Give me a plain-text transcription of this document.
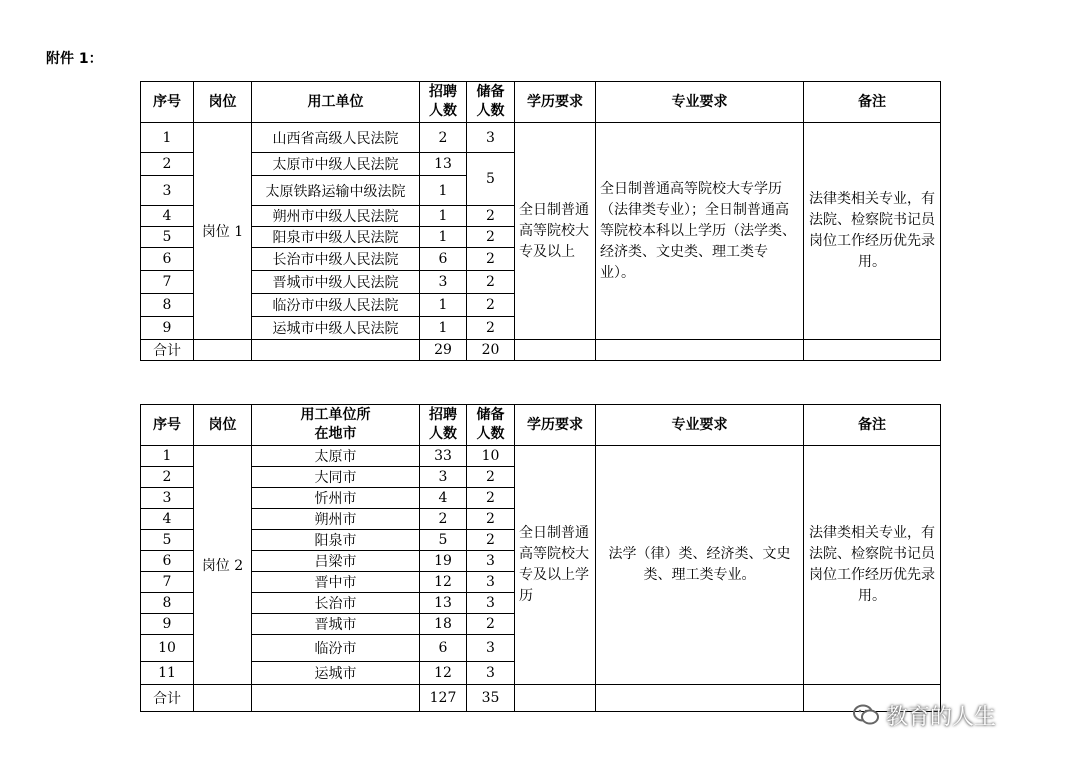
附件 1：
序号	岗位	用工单位	招聘人数	储备人数	学历要求	专业要求	备注
1	岗位 1	山西省高级人民法院	2	3	全日制普通高等院校大专及以上	全日制普通高等院校大专学历（法律类专业）；全日制普通高等院校本科以上学历（法学类、经济类、文史类、理工类专业）。	法律类相关专业，有法院、检察院书记员岗位工作经历优先录用。
2		太原市中级人民法院	13	5			
3		太原铁路运输中级法院	1				
4		朔州市中级人民法院	1	2			
5		阳泉市中级人民法院	1	2			
6		长治市中级人民法院	6	2			
7		晋城市中级人民法院	3	2			
8		临汾市中级人民法院	1	2			
9		运城市中级人民法院	1	2			
合计			29	20			
序号	岗位	用工单位所在地市	招聘人数	储备人数	学历要求	专业要求	备注
1	岗位 2	太原市	33	10	全日制普通高等院校大专及以上学历	法学（律）类、经济类、文史类、理工类专业。	法律类相关专业，有法院、检察院书记员岗位工作经历优先录用。
2		大同市	3	2			
3		忻州市	4	2			
4		朔州市	2	2			
5		阳泉市	5	2			
6		吕梁市	19	3			
7		晋中市	12	3			
8		长治市	13	3			
9		晋城市	18	2			
10		临汾市	6	3			
11		运城市	12	3			
合计			127	35			
教育的人生
